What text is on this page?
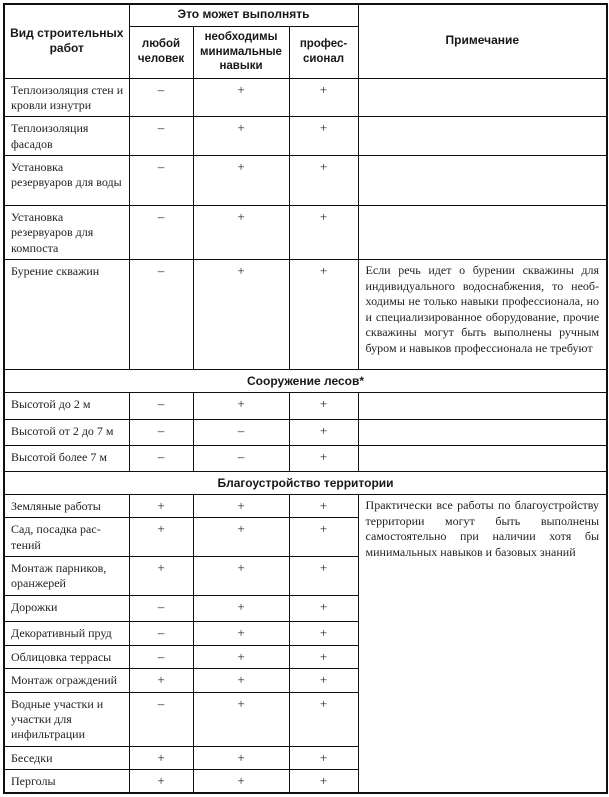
Вид строительных работ	Это может выполнять			Примечание
	любой человек	необходимы минимальные навыки	профес-сионал	
Теплоизоляция стен и кровли изнутри	–	+	+	
Теплоизоляция фасадов	–	+	+	
Установка резервуаров для воды	–	+	+	
Установка резервуаров для компоста	–	+	+	
Бурение скважин	–	+	+	Если речь идет о бурении скважины для индивидуального водоснабжения, то необходимы не только навыки профессионала, но и специализированное оборудование, прочие скважины могут быть выполнены ручным буром и навыков профессионала не требуют
Сооружение лесов*				
Высотой до 2 м	–	+	+	
Высотой от 2 до 7 м	–	–	+	
Высотой более 7 м	–	–	+	
Благоустройство территории				
Земляные работы	+	+	+	Практически все работы по благоустройству территории могут быть выполнены самостоятельно при наличии хотя бы минимальных навыков и базовых знаний
Сад, посадка растений	+	+	+	
Монтаж парников, оранжерей	+	+	+	
Дорожки	–	+	+	
Декоративный пруд	–	+	+	
Облицовка террасы	–	+	+	
Монтаж ограждений	+	+	+	
Водные участки и участки для инфильтрации	–	+	+	
Беседки	+	+	+	
Перголы	+	+	+	
